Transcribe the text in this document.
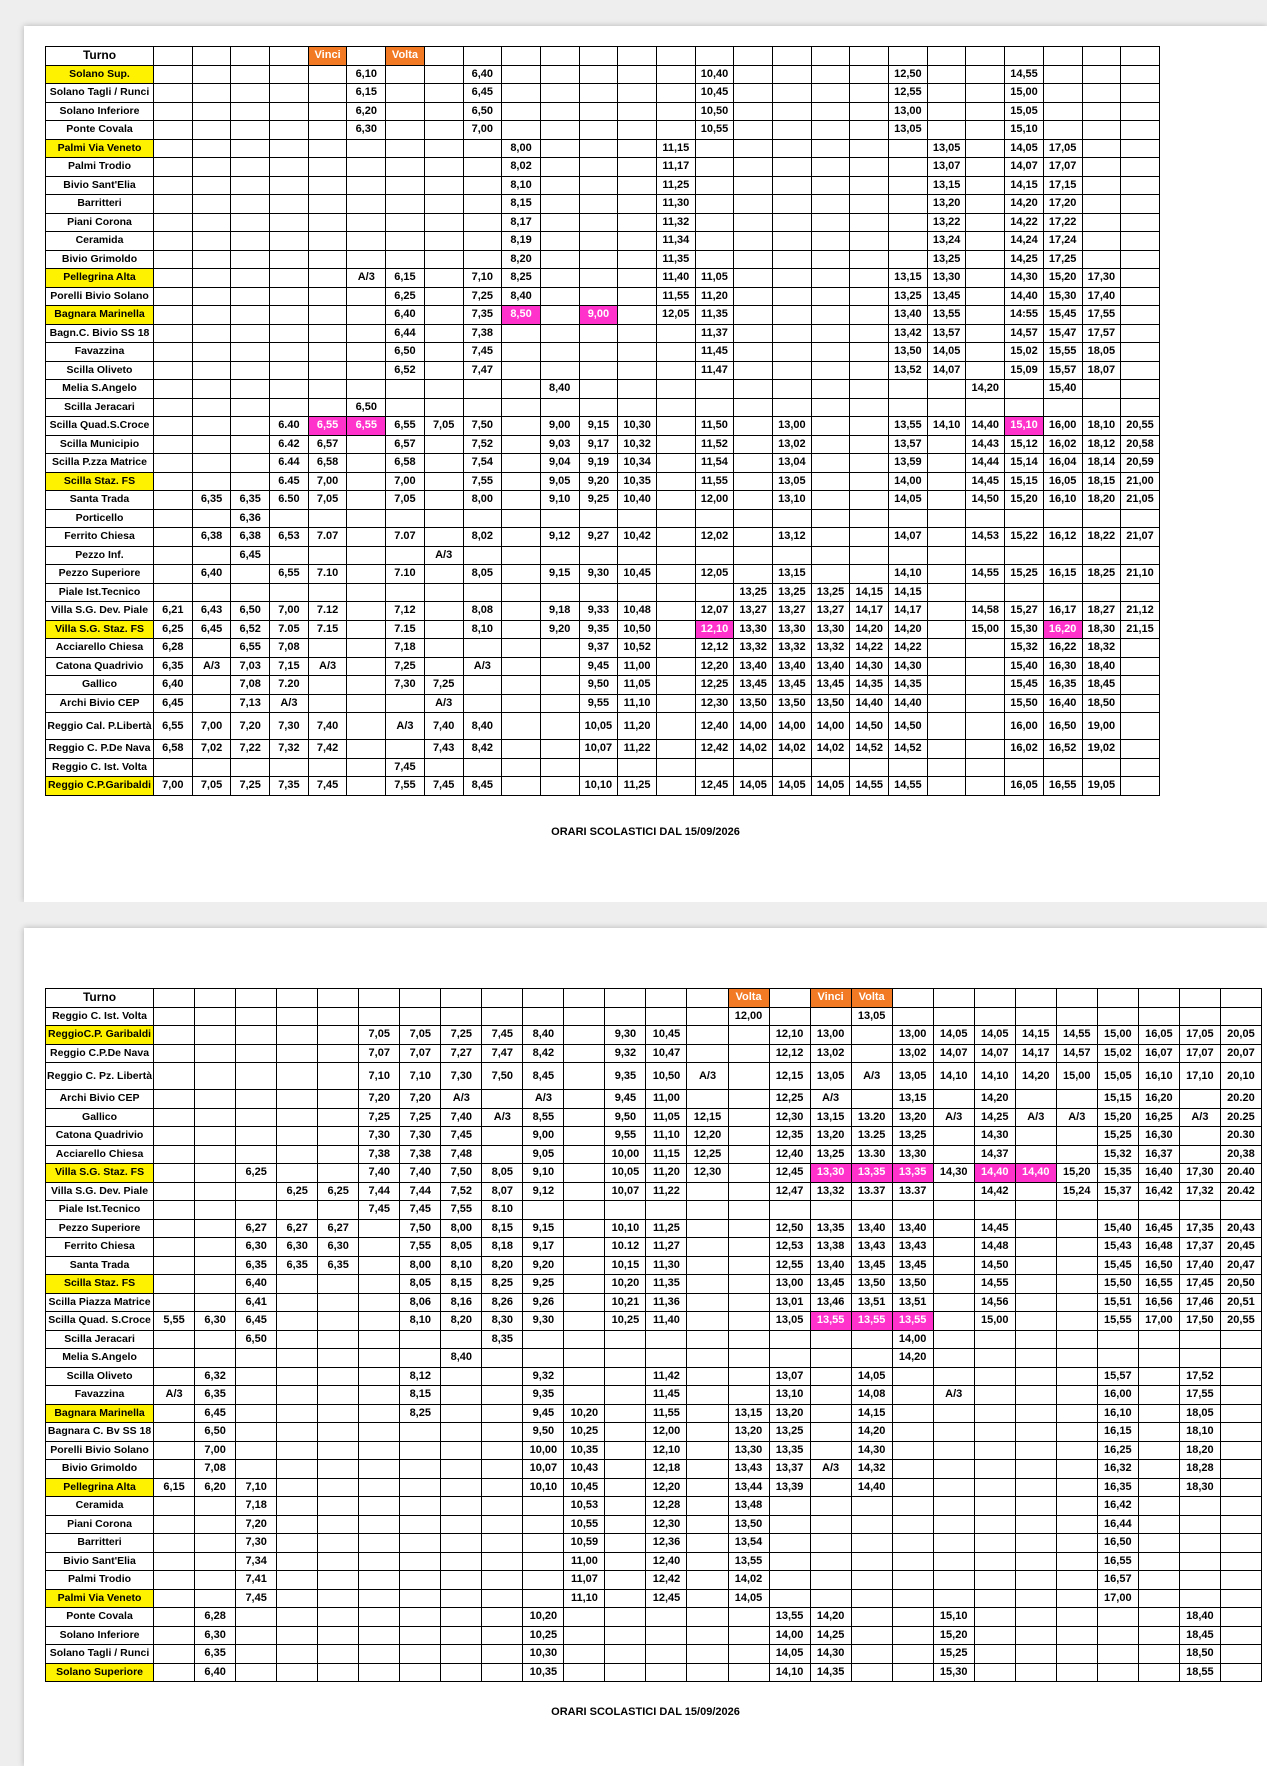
Turno					Vinci		Volta																			
Solano Sup.						6,10			6,40						10,40					12,50			14,55			
Solano Tagli / Runci						6,15			6,45						10,45					12,55			15,00			
Solano Inferiore						6,20			6,50						10,50					13,00			15,05			
Ponte Covala						6,30			7,00						10,55					13,05			15,10			
Palmi Via Veneto										8,00				11,15							13,05		14,05	17,05		
Palmi Trodio										8,02				11,17							13,07		14,07	17,07		
Bivio Sant'Elia										8,10				11,25							13,15		14,15	17,15		
Barritteri										8,15				11,30							13,20		14,20	17,20		
Piani Corona										8,17				11,32							13,22		14,22	17,22		
Ceramida										8,19				11,34							13,24		14,24	17,24		
Bivio Grimoldo										8,20				11,35							13,25		14,25	17,25		
Pellegrina Alta						A/3	6,15		7,10	8,25				11,40	11,05					13,15	13,30		14,30	15,20	17,30	
Porelli Bivio Solano							6,25		7,25	8,40				11,55	11,20					13,25	13,45		14,40	15,30	17,40	
Bagnara Marinella							6,40		7,35	8,50		9,00		12,05	11,35					13,40	13,55		14:55	15,45	17,55	
Bagn.C. Bivio SS 18							6,44		7,38						11,37					13,42	13,57		14,57	15,47	17,57	
Favazzina							6,50		7,45						11,45					13,50	14,05		15,02	15,55	18,05	
Scilla Oliveto							6,52		7,47						11,47					13,52	14,07		15,09	15,57	18,07	
Melia S.Angelo											8,40											14,20		15,40		
Scilla Jeracari						6,50																				
Scilla Quad.S.Croce				6.40	6,55	6,55	6,55	7,05	7,50		9,00	9,15	10,30		11,50		13,00			13,55	14,10	14,40	15,10	16,00	18,10	20,55
Scilla Municipio				6.42	6,57		6,57		7,52		9,03	9,17	10,32		11,52		13,02			13,57		14,43	15,12	16,02	18,12	20,58
Scilla P.zza Matrice				6.44	6,58		6,58		7,54		9,04	9,19	10,34		11,54		13,04			13,59		14,44	15,14	16,04	18,14	20,59
Scilla Staz. FS				6.45	7,00		7,00		7,55		9,05	9,20	10,35		11,55		13,05			14,00		14,45	15,15	16,05	18,15	21,00
Santa Trada		6,35	6,35	6.50	7,05		7,05		8,00		9,10	9,25	10,40		12,00		13,10			14,05		14,50	15,20	16,10	18,20	21,05
Porticello			6,36																							
Ferrito Chiesa		6,38	6,38	6,53	7.07		7.07		8,02		9,12	9,27	10,42		12,02		13,12			14,07		14,53	15,22	16,12	18,22	21,07
Pezzo Inf.			6,45					A/3																		
Pezzo Superiore		6,40		6,55	7.10		7.10		8,05		9,15	9,30	10,45		12,05		13,15			14,10		14,55	15,25	16,15	18,25	21,10
Piale Ist.Tecnico																13,25	13,25	13,25	14,15	14,15						
Villa S.G. Dev. Piale	6,21	6,43	6,50	7,00	7.12		7,12		8,08		9,18	9,33	10,48		12,07	13,27	13,27	13,27	14,17	14,17		14,58	15,27	16,17	18,27	21,12
Villa S.G. Staz. FS	6,25	6,45	6,52	7.05	7.15		7.15		8,10		9,20	9,35	10,50		12,10	13,30	13,30	13,30	14,20	14,20		15,00	15,30	16,20	18,30	21,15
Acciarello Chiesa	6,28		6,55	7,08			7,18					9,37	10,52		12,12	13,32	13,32	13,32	14,22	14,22			15,32	16,22	18,32	
Catona Quadrivio	6,35	A/3	7,03	7,15	A/3		7,25		A/3			9,45	11,00		12,20	13,40	13,40	13,40	14,30	14,30			15,40	16,30	18,40	
Gallico	6,40		7,08	7.20			7,30	7,25				9,50	11,05		12,25	13,45	13,45	13,45	14,35	14,35			15,45	16,35	18,45	
Archi Bivio CEP	6,45		7,13	A/3				A/3				9,55	11,10		12,30	13,50	13,50	13,50	14,40	14,40			15,50	16,40	18,50	
Reggio Cal. P.Libertà	6,55	7,00	7,20	7,30	7,40		A/3	7,40	8,40			10,05	11,20		12,40	14,00	14,00	14,00	14,50	14,50			16,00	16,50	19,00	
Reggio C. P.De Nava	6,58	7,02	7,22	7,32	7,42			7,43	8,42			10,07	11,22		12,42	14,02	14,02	14,02	14,52	14,52			16,02	16,52	19,02	
Reggio C. Ist. Volta							7,45																			
Reggio C.P.Garibaldi	7,00	7,05	7,25	7,35	7,45		7,55	7,45	8,45			10,10	11,25		12,45	14,05	14,05	14,05	14,55	14,55			16,05	16,55	19,05	
ORARI SCOLASTICI DAL 15/09/2026
Turno															Volta		Vinci	Volta									
Reggio C. Ist. Volta															12,00			13,05									
ReggioC.P. Garibaldi						7,05	7,05	7,25	7,45	8,40		9,30	10,45			12,10	13,00		13,00	14,05	14,05	14,15	14,55	15,00	16,05	17,05	20,05
Reggio C.P.De Nava						7,07	7,07	7,27	7,47	8,42		9,32	10,47			12,12	13,02		13,02	14,07	14,07	14,17	14,57	15,02	16,07	17,07	20,07
Reggio C. Pz. Libertà						7,10	7,10	7,30	7,50	8,45		9,35	10,50	A/3		12,15	13,05	A/3	13,05	14,10	14,10	14,20	15,00	15,05	16,10	17,10	20,10
Archi Bivio CEP						7,20	7,20	A/3		A/3		9,45	11,00			12,25	A/3		13,15		14,20			15,15	16,20		20.20
Gallico						7,25	7,25	7,40	A/3	8,55		9,50	11,05	12,15		12,30	13,15	13.20	13,20	A/3	14,25	A/3	A/3	15,20	16,25	A/3	20.25
Catona Quadrivio						7,30	7,30	7,45		9,00		9,55	11,10	12,20		12,35	13,20	13.25	13,25		14,30			15,25	16,30		20.30
Acciarello Chiesa						7,38	7,38	7,48		9,05		10,00	11,15	12,25		12,40	13,25	13.30	13,30		14,37			15,32	16,37		20,38
Villa S.G. Staz. FS			6,25			7,40	7,40	7,50	8,05	9,10		10,05	11,20	12,30		12,45	13,30	13,35	13,35	14,30	14,40	14,40	15,20	15,35	16,40	17,30	20.40
Villa S.G. Dev. Piale				6,25	6,25	7,44	7,44	7,52	8,07	9,12		10,07	11,22			12,47	13,32	13.37	13.37		14,42		15,24	15,37	16,42	17,32	20.42
Piale Ist.Tecnico						7,45	7,45	7,55	8.10																		
Pezzo Superiore			6,27	6,27	6,27		7,50	8,00	8,15	9,15		10,10	11,25			12,50	13,35	13,40	13,40		14,45			15,40	16,45	17,35	20,43
Ferrito Chiesa			6,30	6,30	6,30		7,55	8,05	8,18	9,17		10.12	11,27			12,53	13,38	13,43	13,43		14,48			15,43	16,48	17,37	20,45
Santa Trada			6,35	6,35	6,35		8,00	8,10	8,20	9,20		10,15	11,30			12,55	13,40	13,45	13,45		14,50			15,45	16,50	17,40	20,47
Scilla Staz. FS			6,40				8,05	8,15	8,25	9,25		10,20	11,35			13,00	13,45	13,50	13,50		14,55			15,50	16,55	17,45	20,50
Scilla Piazza Matrice			6,41				8,06	8,16	8,26	9,26		10,21	11,36			13,01	13,46	13,51	13,51		14,56			15,51	16,56	17,46	20,51
Scilla Quad. S.Croce	5,55	6,30	6,45				8,10	8,20	8,30	9,30		10,25	11,40			13,05	13,55	13,55	13,55		15,00			15,55	17,00	17,50	20,55
Scilla Jeracari			6,50						8,35										14,00								
Melia S.Angelo								8,40											14,20								
Scilla Oliveto		6,32					8,12			9,32			11,42			13,07		14,05						15,57		17,52	
Favazzina	A/3	6,35					8,15			9,35			11,45			13,10		14,08		A/3				16,00		17,55	
Bagnara Marinella		6,45					8,25			9,45	10,20		11,55		13,15	13,20		14,15						16,10		18,05	
Bagnara C. Bv SS 18		6,50								9,50	10,25		12,00		13,20	13,25		14,20						16,15		18,10	
Porelli Bivio Solano		7,00								10,00	10,35		12,10		13,30	13,35		14,30						16,25		18,20	
Bivio Grimoldo		7,08								10,07	10,43		12,18		13,43	13,37	A/3	14,32						16,32		18,28	
Pellegrina Alta	6,15	6,20	7,10							10,10	10,45		12,20		13,44	13,39		14,40						16,35		18,30	
Ceramida			7,18								10,53		12,28		13,48									16,42			
Piani Corona			7,20								10,55		12,30		13,50									16,44			
Barritteri			7,30								10,59		12,36		13,54									16,50			
Bivio Sant'Elia			7,34								11,00		12,40		13,55									16,55			
Palmi Trodio			7,41								11,07		12,42		14,02									16,57			
Palmi Via Veneto			7,45								11,10		12,45		14,05									17,00			
Ponte Covala		6,28								10,20						13,55	14,20			15,10						18,40	
Solano Inferiore		6,30								10,25						14,00	14,25			15,20						18,45	
Solano Tagli / Runci		6,35								10,30						14,05	14,30			15,25						18,50	
Solano Superiore		6,40								10,35						14,10	14,35			15,30						18,55	
ORARI SCOLASTICI DAL 15/09/2026
